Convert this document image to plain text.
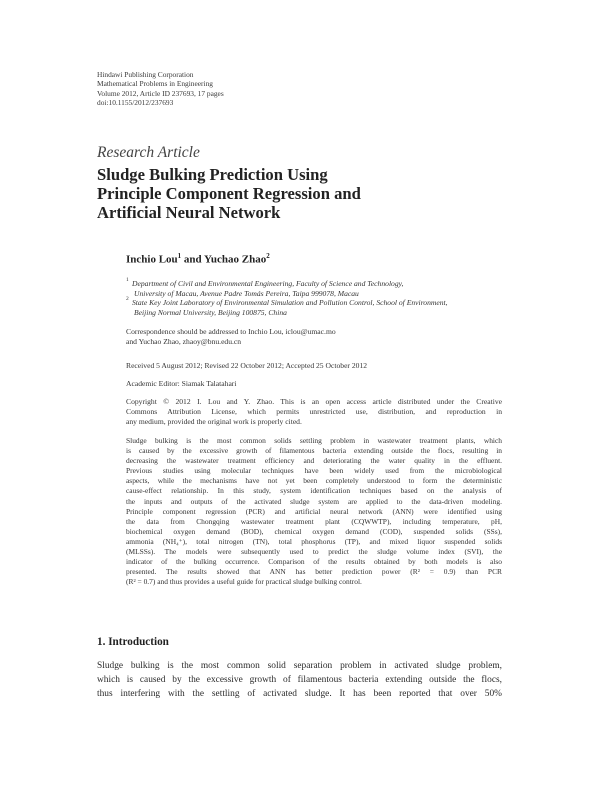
Hindawi Publishing Corporation
Mathematical Problems in Engineering
Volume 2012, Article ID 237693, 17 pages
doi:10.1155/2012/237693
Research Article
Sludge Bulking Prediction Using
Principle Component Regression and
Artificial Neural Network
Inchio Lou$^1$ and Yuchao Zhao$^2$
1 Department of Civil and Environmental Engineering, Faculty of Science and Technology,
University of Macau, Avenue Padre Tomás Pereira, Taipa 999078, Macau
2 State Key Joint Laboratory of Environmental Simulation and Pollution Control, School of Environment,
Beijing Normal University, Beijing 100875, China
Correspondence should be addressed to Inchio Lou, iclou@umac.mo
and Yuchao Zhao, zhaoy@bnu.edu.cn
Received 5 August 2012; Revised 22 October 2012; Accepted 25 October 2012
Academic Editor: Siamak Talatahari
Copyright © 2012 I. Lou and Y. Zhao. This is an open access article distributed under the Creative
Commons Attribution License, which permits unrestricted use, distribution, and reproduction in
any medium, provided the original work is properly cited.
Sludge bulking is the most common solids settling problem in wastewater treatment plants, which
is caused by the excessive growth of filamentous bacteria extending outside the flocs, resulting in
decreasing the wastewater treatment efficiency and deteriorating the water quality in the effluent.
Previous studies using molecular techniques have been widely used from the microbiological
aspects, while the mechanisms have not yet been completely understood to form the deterministic
cause-effect relationship. In this study, system identification techniques based on the analysis of
the inputs and outputs of the activated sludge system are applied to the data-driven modeling.
Principle component regression (PCR) and artificial neural network (ANN) were identified using
the data from Chongqing wastewater treatment plant (CQWWTP), including temperature, pH,
biochemical oxygen demand (BOD), chemical oxygen demand (COD), suspended solids (SSs),
ammonia (NH₄⁺), total nitrogen (TN), total phosphorus (TP), and mixed liquor suspended solids
(MLSSs). The models were subsequently used to predict the sludge volume index (SVI), the
indicator of the bulking occurrence. Comparison of the results obtained by both models is also
presented. The results showed that ANN has better prediction power (R² = 0.9) than PCR
(R² = 0.7) and thus provides a useful guide for practical sludge bulking control.
1. Introduction
Sludge bulking is the most common solid separation problem in activated sludge problem,
which is caused by the excessive growth of filamentous bacteria extending outside the flocs,
thus interfering with the settling of activated sludge. It has been reported that over 50%
